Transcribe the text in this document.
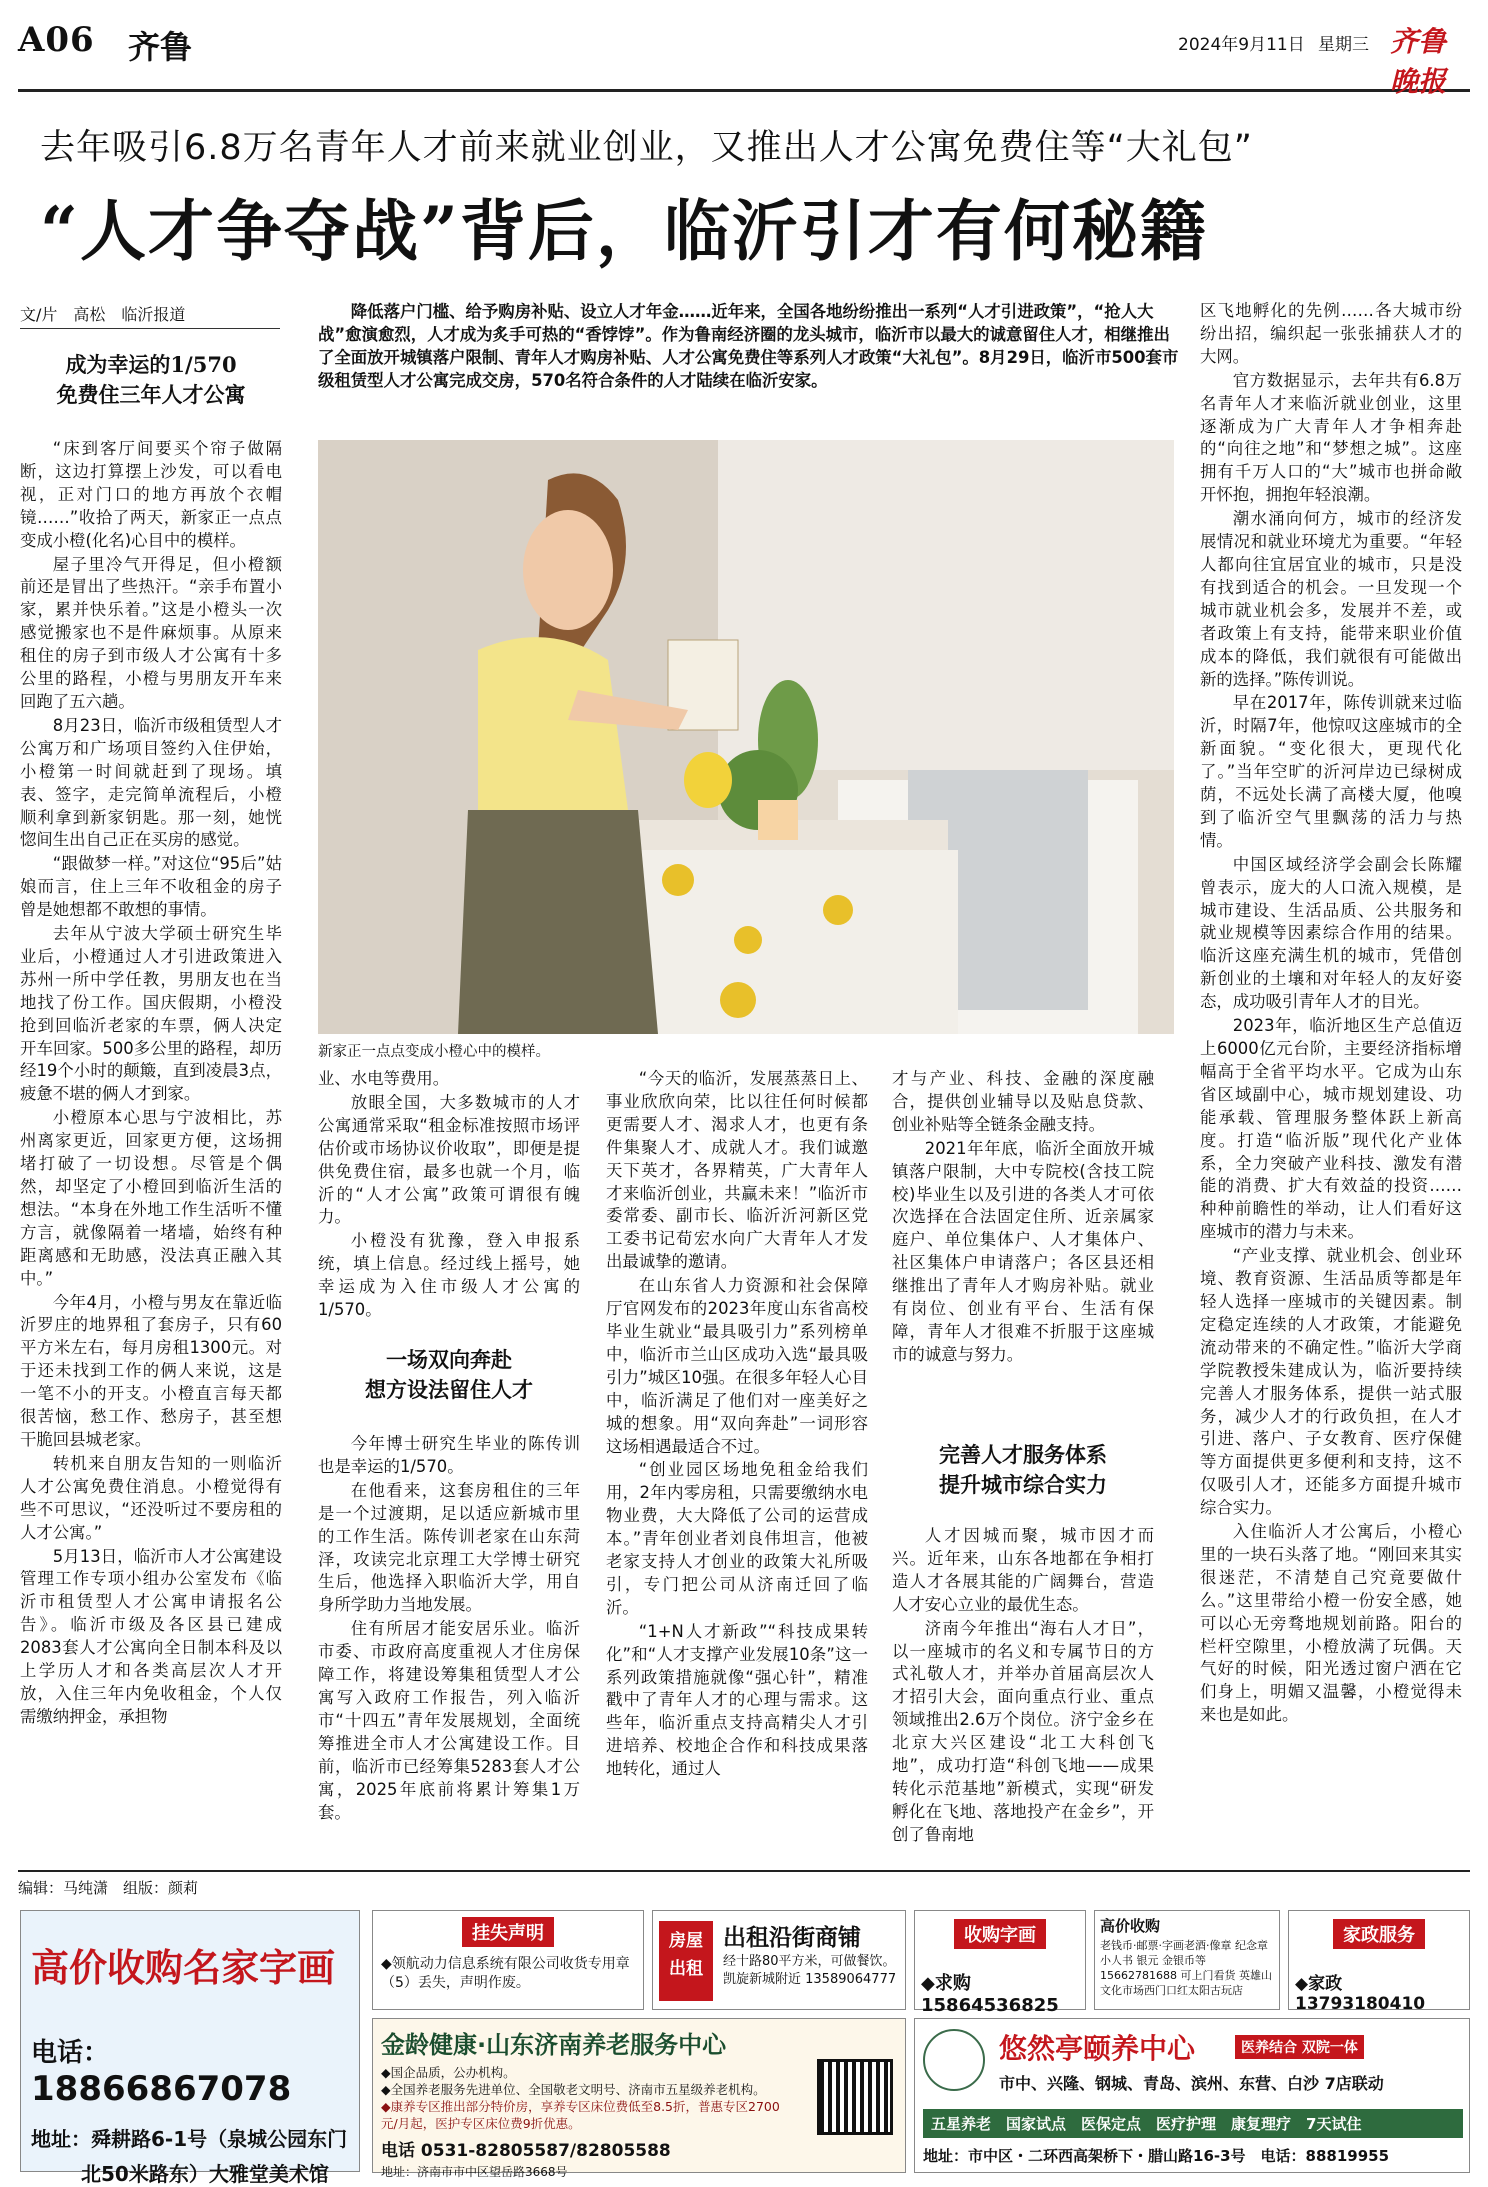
A06 齐鲁	2024年9月11日 星期三 齐鲁晚报
去年吸引6.8万名青年人才前来就业创业，又推出人才公寓免费住等“大礼包”
“人才争夺战”背后，临沂引才有何秘籍
文/片　高松　临沂报道
成为幸运的1/570
免费住三年人才公寓

“床到客厅间要买个帘子做隔断，这边打算摆上沙发，可以看电视，正对门口的地方再放个衣帽镜……”收拾了两天，新家正一点点变成小橙(化名)心目中的模样。

屋子里冷气开得足，但小橙额前还是冒出了些热汗。“亲手布置小家，累并快乐着。”这是小橙头一次感觉搬家也不是件麻烦事。从原来租住的房子到市级人才公寓有十多公里的路程，小橙与男朋友开车来回跑了五六趟。

8月23日，临沂市级租赁型人才公寓万和广场项目签约入住伊始，小橙第一时间就赶到了现场。填表、签字，走完简单流程后，小橙顺利拿到新家钥匙。那一刻，她恍惚间生出自己正在买房的感觉。

“跟做梦一样。”对这位“95后”姑娘而言，住上三年不收租金的房子曾是她想都不敢想的事情。

去年从宁波大学硕士研究生毕业后，小橙通过人才引进政策进入苏州一所中学任教，男朋友也在当地找了份工作。国庆假期，小橙没抢到回临沂老家的车票，俩人决定开车回家。500多公里的路程，却历经19个小时的颠簸，直到凌晨3点，疲惫不堪的俩人才到家。

小橙原本心思与宁波相比，苏州离家更近，回家更方便，这场拥堵打破了一切设想。尽管是个偶然，却坚定了小橙回到临沂生活的想法。“本身在外地工作生活听不懂方言，就像隔着一堵墙，始终有种距离感和无助感，没法真正融入其中。”

今年4月，小橙与男友在靠近临沂罗庄的地界租了套房子，只有60平方米左右，每月房租1300元。对于还未找到工作的俩人来说，这是一笔不小的开支。小橙直言每天都很苦恼，愁工作、愁房子，甚至想干脆回县城老家。

转机来自朋友告知的一则临沂人才公寓免费住消息。小橙觉得有些不可思议，“还没听过不要房租的人才公寓。”

5月13日，临沂市人才公寓建设管理工作专项小组办公室发布《临沂市租赁型人才公寓申请报名公告》。临沂市级及各区县已建成2083套人才公寓向全日制本科及以上学历人才和各类高层次人才开放，入住三年内免收租金，个人仅需缴纳押金，承担物

降低落户门槛、给予购房补贴、设立人才年金……近年来，全国各地纷纷推出一系列“人才引进政策”，“抢人大战”愈演愈烈，人才成为炙手可热的“香饽饽”。作为鲁南经济圈的龙头城市，临沂市以最大的诚意留住人才，相继推出了全面放开城镇落户限制、青年人才购房补贴、人才公寓免费住等系列人才政策“大礼包”。8月29日，临沂市500套市级租赁型人才公寓完成交房，570名符合条件的人才陆续在临沂安家。
新家正一点点变成小橙心中的模样。

业、水电等费用。

放眼全国，大多数城市的人才公寓通常采取“租金标准按照市场评估价或市场协议价收取”，即便是提供免费住宿，最多也就一个月，临沂的“人才公寓”政策可谓很有魄力。

小橙没有犹豫，登入申报系统，填上信息。经过线上摇号，她幸运成为入住市级人才公寓的1/570。

一场双向奔赴
想方设法留住人才

今年博士研究生毕业的陈传训也是幸运的1/570。

在他看来，这套房租住的三年是一个过渡期，足以适应新城市里的工作生活。陈传训老家在山东菏泽，攻读完北京理工大学博士研究生后，他选择入职临沂大学，用自身所学助力当地发展。

住有所居才能安居乐业。临沂市委、市政府高度重视人才住房保障工作，将建设筹集租赁型人才公寓写入政府工作报告，列入临沂市“十四五”青年发展规划，全面统筹推进全市人才公寓建设工作。目前，临沂市已经筹集5283套人才公寓，2025年底前将累计筹集1万套。

“今天的临沂，发展蒸蒸日上、事业欣欣向荣，比以往任何时候都更需要人才、渴求人才，也更有条件集聚人才、成就人才。我们诚邀天下英才，各界精英，广大青年人才来临沂创业，共赢未来！”临沂市委常委、副市长、临沂沂河新区党工委书记荀宏水向广大青年人才发出最诚挚的邀请。

在山东省人力资源和社会保障厅官网发布的2023年度山东省高校毕业生就业“最具吸引力”系列榜单中，临沂市兰山区成功入选“最具吸引力”城区10强。在很多年轻人心目中，临沂满足了他们对一座美好之城的想象。用“双向奔赴”一词形容这场相遇最适合不过。

“创业园区场地免租金给我们用，2年内零房租，只需要缴纳水电物业费，大大降低了公司的运营成本。”青年创业者刘良伟坦言，他被老家支持人才创业的政策大礼所吸引，专门把公司从济南迁回了临沂。

“1+N人才新政”“科技成果转化”和“人才支撑产业发展10条”这一系列政策措施就像“强心针”，精准戳中了青年人才的心理与需求。这些年，临沂重点支持高精尖人才引进培养、校地企合作和科技成果落地转化，通过人

才与产业、科技、金融的深度融合，提供创业辅导以及贴息贷款、创业补贴等全链条金融支持。

2021年年底，临沂全面放开城镇落户限制，大中专院校(含技工院校)毕业生以及引进的各类人才可依次选择在合法固定住所、近亲属家庭户、单位集体户、人才集体户、社区集体户申请落户；各区县还相继推出了青年人才购房补贴。就业有岗位、创业有平台、生活有保障，青年人才很难不折服于这座城市的诚意与努力。

完善人才服务体系
提升城市综合实力

人才因城而聚，城市因才而兴。近年来，山东各地都在争相打造人才各展其能的广阔舞台，营造人才安心立业的最优生态。

济南今年推出“海右人才日”，以一座城市的名义和专属节日的方式礼敬人才，并举办首届高层次人才招引大会，面向重点行业、重点领域推出2.6万个岗位。济宁金乡在北京大兴区建设“北工大科创飞地”，成功打造“科创飞地——成果转化示范基地”新模式，实现“研发孵化在飞地、落地投产在金乡”，开创了鲁南地

区飞地孵化的先例……各大城市纷纷出招，编织起一张张捕获人才的大网。

官方数据显示，去年共有6.8万名青年人才来临沂就业创业，这里逐渐成为广大青年人才争相奔赴的“向往之地”和“梦想之城”。这座拥有千万人口的“大”城市也拼命敞开怀抱，拥抱年轻浪潮。

潮水涌向何方，城市的经济发展情况和就业环境尤为重要。“年轻人都向往宜居宜业的城市，只是没有找到适合的机会。一旦发现一个城市就业机会多，发展并不差，或者政策上有支持，能带来职业价值成本的降低，我们就很有可能做出新的选择。”陈传训说。

早在2017年，陈传训就来过临沂，时隔7年，他惊叹这座城市的全新面貌。“变化很大，更现代化了。”当年空旷的沂河岸边已绿树成荫，不远处长满了高楼大厦，他嗅到了临沂空气里飘荡的活力与热情。

中国区域经济学会副会长陈耀曾表示，庞大的人口流入规模，是城市建设、生活品质、公共服务和就业规模等因素综合作用的结果。临沂这座充满生机的城市，凭借创新创业的土壤和对年轻人的友好姿态，成功吸引青年人才的目光。

2023年，临沂地区生产总值迈上6000亿元台阶，主要经济指标增幅高于全省平均水平。它成为山东省区域副中心，城市规划建设、功能承载、管理服务整体跃上新高度。打造“临沂版”现代化产业体系，全力突破产业科技、激发有潜能的消费、扩大有效益的投资……种种前瞻性的举动，让人们看好这座城市的潜力与未来。

“产业支撑、就业机会、创业环境、教育资源、生活品质等都是年轻人选择一座城市的关键因素。制定稳定连续的人才政策，才能避免流动带来的不确定性。”临沂大学商学院教授朱建成认为，临沂要持续完善人才服务体系，提供一站式服务，减少人才的行政负担，在人才引进、落户、子女教育、医疗保健等方面提供更多便利和支持，这不仅吸引人才，还能多方面提升城市综合实力。

入住临沂人才公寓后，小橙心里的一块石头落了地。“刚回来其实很迷茫，不清楚自己究竟要做什么。”这里带给小橙一份安全感，她可以心无旁骛地规划前路。阳台的栏杆空隙里，小橙放满了玩偶。天气好的时候，阳光透过窗户洒在它们身上，明媚又温馨，小橙觉得未来也是如此。

编辑：马纯潇　组版：颜莉
高价收购名家字画
电话：18866867078
地址：舜耕路6-1号（泉城公园东门
北50米路东）大雅堂美术馆
挂失声明
◆领航动力信息系统有限公司收货专用章（5）丢失，声明作废。
房屋出租
出租沿街商铺
经十路80平方米，可做餐饮。凯旋新城附近 13589064777
收购字画
◆求购15864536825
高价收购
老钱币·邮票·字画老酒·像章 纪念章 小人书 银元 金银币等15662781688 可上门看货 英雄山文化市场西门口红太阳古玩店
家政服务
◆家政13793180410
金龄健康·山东济南养老服务中心
◆国企品质，公办机构。
◆全国养老服务先进单位、全国敬老文明号、济南市五星级养老机构。
◆康养专区推出部分特价房，享养专区床位费低至8.5折，普惠专区2700元/月起，医护专区床位费9折优惠。
电话 0531-82805587/82805588
地址：济南市市中区望岳路3668号
悠然亭颐养中心	医养结合 双院一体
市中、兴隆、钢城、青岛、滨州、东营、白沙 7店联动
五星养老　国家试点　医保定点　医疗护理　康复理疗　7天试住
地址：市中区・二环西高架桥下・腊山路16-3号　电话：88819955
